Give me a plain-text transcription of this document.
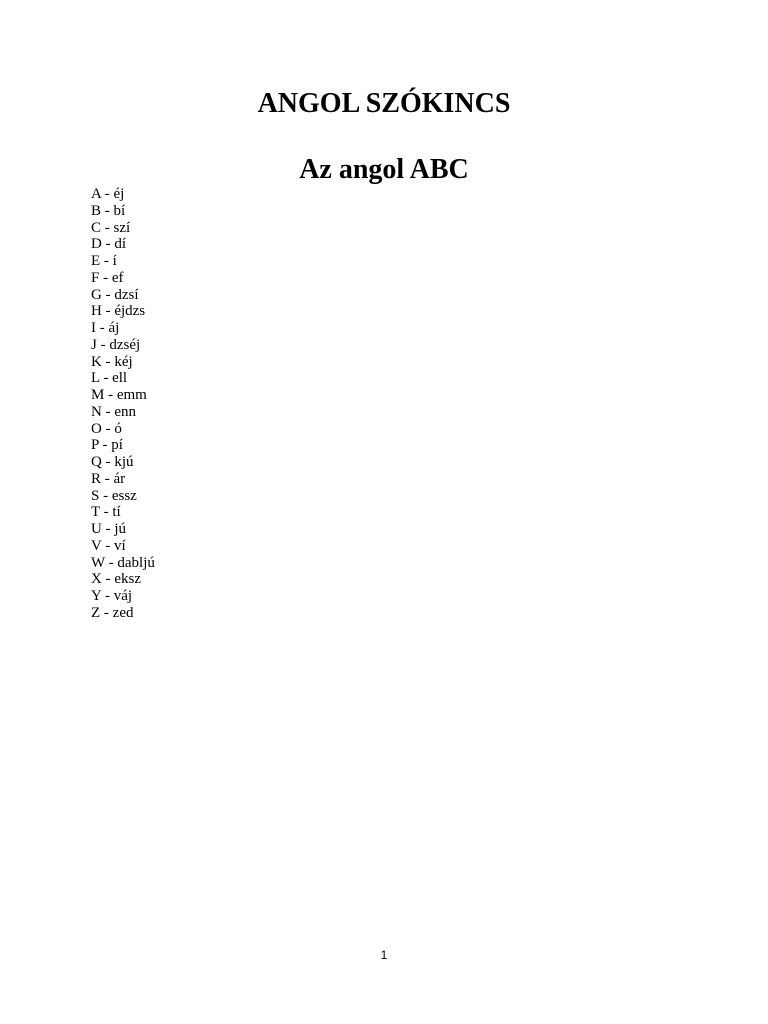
ANGOL SZÓKINCS
Az angol ABC
A - éj
B - bí
C - szí
D - dí
E - í
F - ef
G - dzsí
H - éjdzs
I - áj
J - dzséj
K - kéj
L - ell
M - emm
N - enn
O - ó
P - pí
Q - kjú
R - ár
S - essz
T - tí
U - jú
V - ví
W - dabljú
X - eksz
Y - váj
Z - zed
1
